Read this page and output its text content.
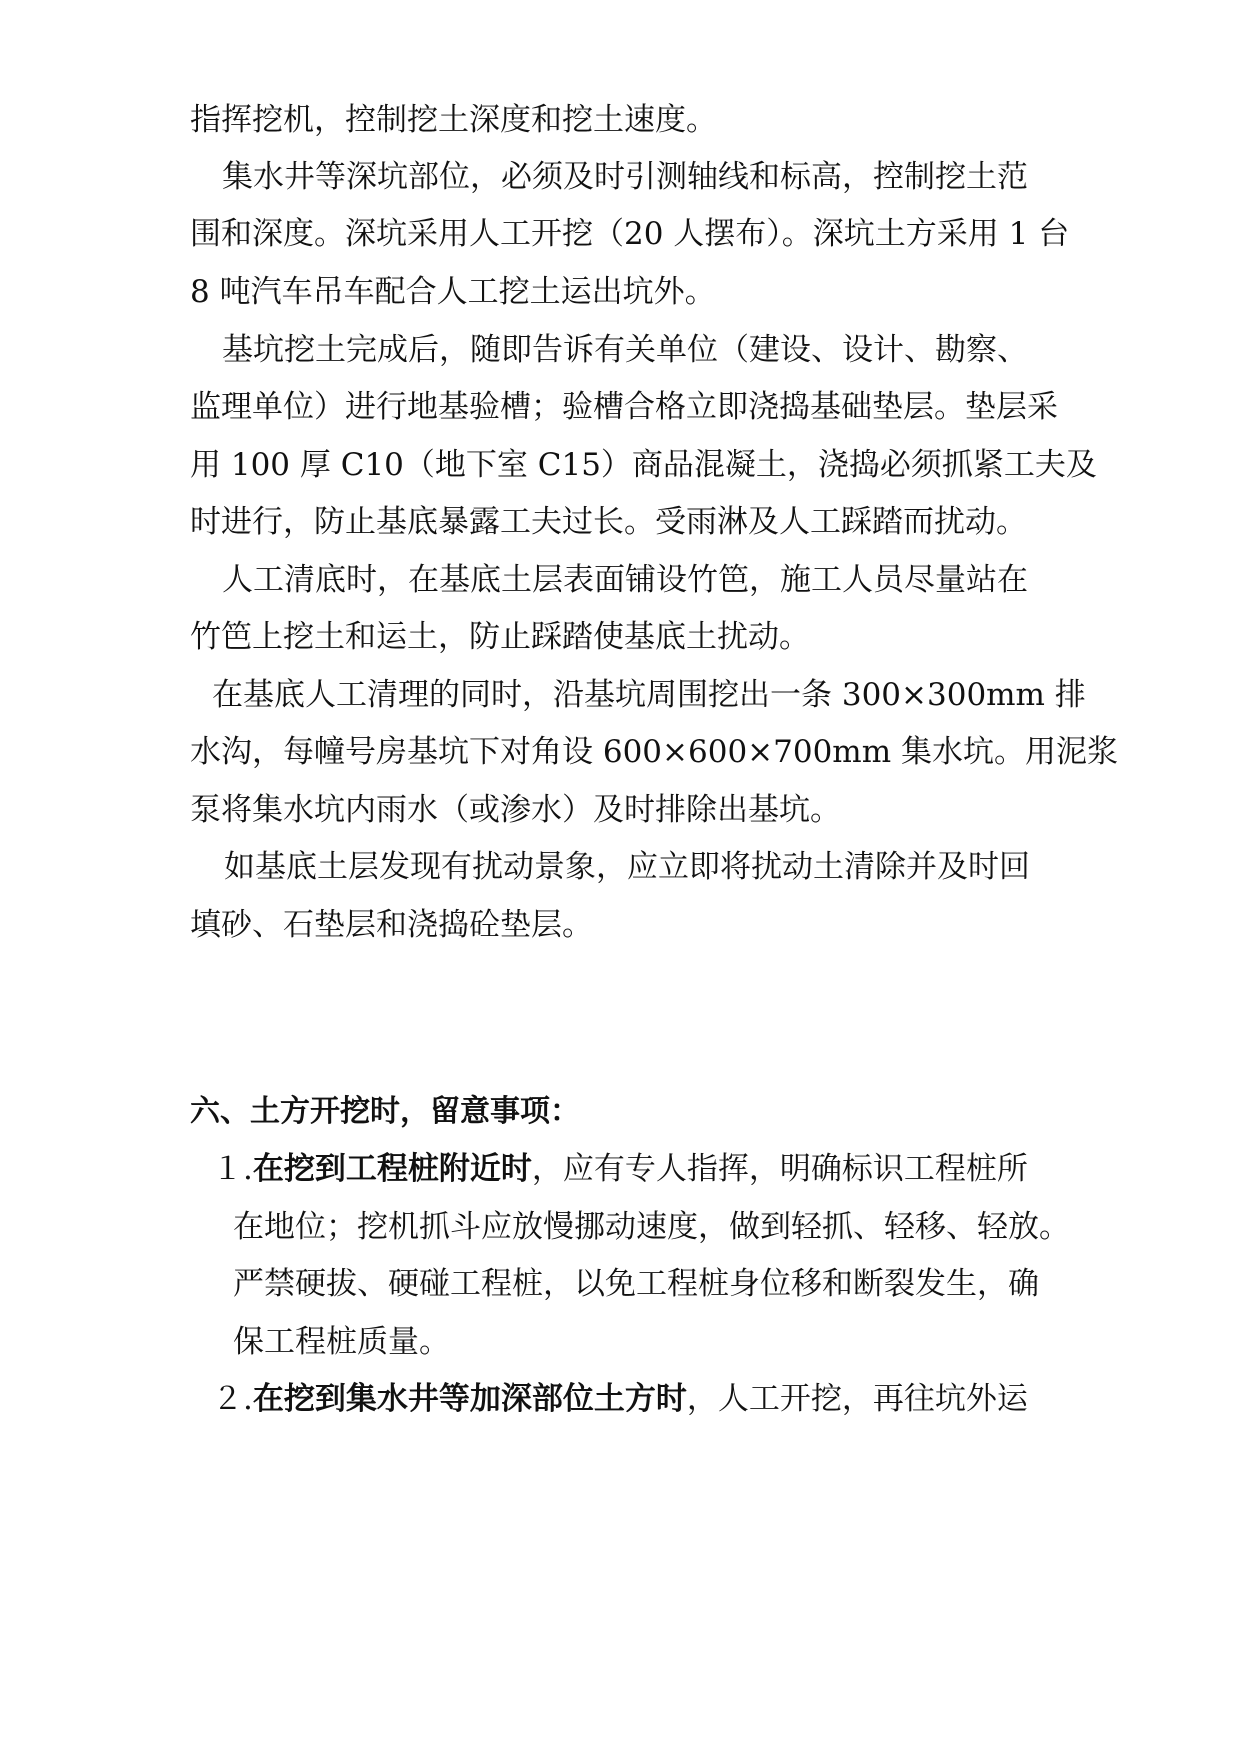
指挥挖机，控制挖土深度和挖土速度。
集水井等深坑部位，必须及时引测轴线和标高，控制挖土范
围和深度。深坑采用人工开挖（20 人摆布）。深坑土方采用 1 台
8 吨汽车吊车配合人工挖土运出坑外。
基坑挖土完成后，随即告诉有关单位（建设、设计、勘察、
监理单位）进行地基验槽；验槽合格立即浇捣基础垫层。垫层采
用 100 厚 C10（地下室 C15）商品混凝土，浇捣必须抓紧工夫及
时进行，防止基底暴露工夫过长。受雨淋及人工踩踏而扰动。
人工清底时，在基底土层表面铺设竹笆，施工人员尽量站在
竹笆上挖土和运土，防止踩踏使基底土扰动。
在基底人工清理的同时，沿基坑周围挖出一条 300×300mm 排
水沟，每幢号房基坑下对角设 600×600×700mm 集水坑。用泥浆
泵将集水坑内雨水（或渗水）及时排除出基坑。
如基底土层发现有扰动景象，应立即将扰动土清除并及时回
填砂、石垫层和浇捣砼垫层。
六、土方开挖时，留意事项：
１.在挖到工程桩附近时，应有专人指挥，明确标识工程桩所
在地位；挖机抓斗应放慢挪动速度，做到轻抓、轻移、轻放。
严禁硬拔、硬碰工程桩，以免工程桩身位移和断裂发生，确
保工程桩质量。
２.在挖到集水井等加深部位土方时，人工开挖，再往坑外运
